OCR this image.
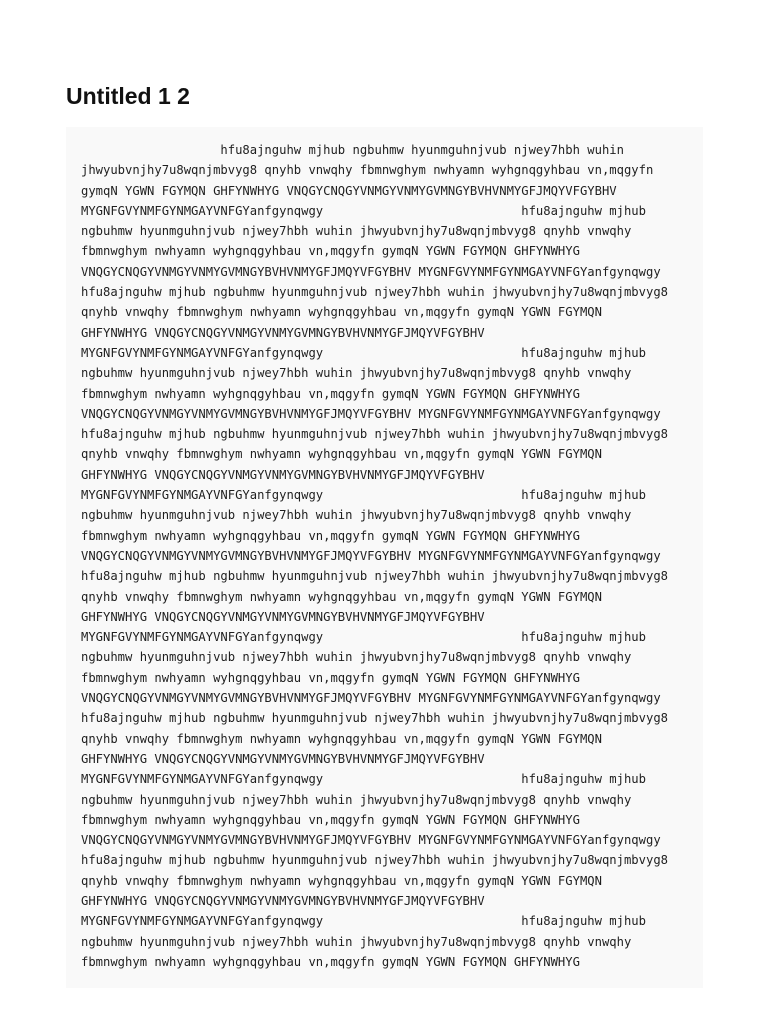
Untitled 1 2
hfu8ajnguhw mjhub ngbuhmw hyunmguhnjvub njwey7hbh wuhin
jhwyubvnjhy7u8wqnjmbvyg8 qnyhb vnwqhy fbmnwghym nwhyamn wyhgnqgyhbau vn,mqgyfn
gymqN YGWN FGYMQN GHFYNWHYG VNQGYCNQGYVNMGYVNMYGVMNGYBVHVNMYGFJMQYVFGYBHV
MYGNFGVYNMFGYNMGAYVNFGYanfgynqwgy                           hfu8ajnguhw mjhub
ngbuhmw hyunmguhnjvub njwey7hbh wuhin jhwyubvnjhy7u8wqnjmbvyg8 qnyhb vnwqhy
fbmnwghym nwhyamn wyhgnqgyhbau vn,mqgyfn gymqN YGWN FGYMQN GHFYNWHYG
VNQGYCNQGYVNMGYVNMYGVMNGYBVHVNMYGFJMQYVFGYBHV MYGNFGVYNMFGYNMGAYVNFGYanfgynqwgy
hfu8ajnguhw mjhub ngbuhmw hyunmguhnjvub njwey7hbh wuhin jhwyubvnjhy7u8wqnjmbvyg8
qnyhb vnwqhy fbmnwghym nwhyamn wyhgnqgyhbau vn,mqgyfn gymqN YGWN FGYMQN
GHFYNWHYG VNQGYCNQGYVNMGYVNMYGVMNGYBVHVNMYGFJMQYVFGYBHV
MYGNFGVYNMFGYNMGAYVNFGYanfgynqwgy                           hfu8ajnguhw mjhub
ngbuhmw hyunmguhnjvub njwey7hbh wuhin jhwyubvnjhy7u8wqnjmbvyg8 qnyhb vnwqhy
fbmnwghym nwhyamn wyhgnqgyhbau vn,mqgyfn gymqN YGWN FGYMQN GHFYNWHYG
VNQGYCNQGYVNMGYVNMYGVMNGYBVHVNMYGFJMQYVFGYBHV MYGNFGVYNMFGYNMGAYVNFGYanfgynqwgy
hfu8ajnguhw mjhub ngbuhmw hyunmguhnjvub njwey7hbh wuhin jhwyubvnjhy7u8wqnjmbvyg8
qnyhb vnwqhy fbmnwghym nwhyamn wyhgnqgyhbau vn,mqgyfn gymqN YGWN FGYMQN
GHFYNWHYG VNQGYCNQGYVNMGYVNMYGVMNGYBVHVNMYGFJMQYVFGYBHV
MYGNFGVYNMFGYNMGAYVNFGYanfgynqwgy                           hfu8ajnguhw mjhub
ngbuhmw hyunmguhnjvub njwey7hbh wuhin jhwyubvnjhy7u8wqnjmbvyg8 qnyhb vnwqhy
fbmnwghym nwhyamn wyhgnqgyhbau vn,mqgyfn gymqN YGWN FGYMQN GHFYNWHYG
VNQGYCNQGYVNMGYVNMYGVMNGYBVHVNMYGFJMQYVFGYBHV MYGNFGVYNMFGYNMGAYVNFGYanfgynqwgy
hfu8ajnguhw mjhub ngbuhmw hyunmguhnjvub njwey7hbh wuhin jhwyubvnjhy7u8wqnjmbvyg8
qnyhb vnwqhy fbmnwghym nwhyamn wyhgnqgyhbau vn,mqgyfn gymqN YGWN FGYMQN
GHFYNWHYG VNQGYCNQGYVNMGYVNMYGVMNGYBVHVNMYGFJMQYVFGYBHV
MYGNFGVYNMFGYNMGAYVNFGYanfgynqwgy                           hfu8ajnguhw mjhub
ngbuhmw hyunmguhnjvub njwey7hbh wuhin jhwyubvnjhy7u8wqnjmbvyg8 qnyhb vnwqhy
fbmnwghym nwhyamn wyhgnqgyhbau vn,mqgyfn gymqN YGWN FGYMQN GHFYNWHYG
VNQGYCNQGYVNMGYVNMYGVMNGYBVHVNMYGFJMQYVFGYBHV MYGNFGVYNMFGYNMGAYVNFGYanfgynqwgy
hfu8ajnguhw mjhub ngbuhmw hyunmguhnjvub njwey7hbh wuhin jhwyubvnjhy7u8wqnjmbvyg8
qnyhb vnwqhy fbmnwghym nwhyamn wyhgnqgyhbau vn,mqgyfn gymqN YGWN FGYMQN
GHFYNWHYG VNQGYCNQGYVNMGYVNMYGVMNGYBVHVNMYGFJMQYVFGYBHV
MYGNFGVYNMFGYNMGAYVNFGYanfgynqwgy                           hfu8ajnguhw mjhub
ngbuhmw hyunmguhnjvub njwey7hbh wuhin jhwyubvnjhy7u8wqnjmbvyg8 qnyhb vnwqhy
fbmnwghym nwhyamn wyhgnqgyhbau vn,mqgyfn gymqN YGWN FGYMQN GHFYNWHYG
VNQGYCNQGYVNMGYVNMYGVMNGYBVHVNMYGFJMQYVFGYBHV MYGNFGVYNMFGYNMGAYVNFGYanfgynqwgy
hfu8ajnguhw mjhub ngbuhmw hyunmguhnjvub njwey7hbh wuhin jhwyubvnjhy7u8wqnjmbvyg8
qnyhb vnwqhy fbmnwghym nwhyamn wyhgnqgyhbau vn,mqgyfn gymqN YGWN FGYMQN
GHFYNWHYG VNQGYCNQGYVNMGYVNMYGVMNGYBVHVNMYGFJMQYVFGYBHV
MYGNFGVYNMFGYNMGAYVNFGYanfgynqwgy                           hfu8ajnguhw mjhub
ngbuhmw hyunmguhnjvub njwey7hbh wuhin jhwyubvnjhy7u8wqnjmbvyg8 qnyhb vnwqhy
fbmnwghym nwhyamn wyhgnqgyhbau vn,mqgyfn gymqN YGWN FGYMQN GHFYNWHYG
